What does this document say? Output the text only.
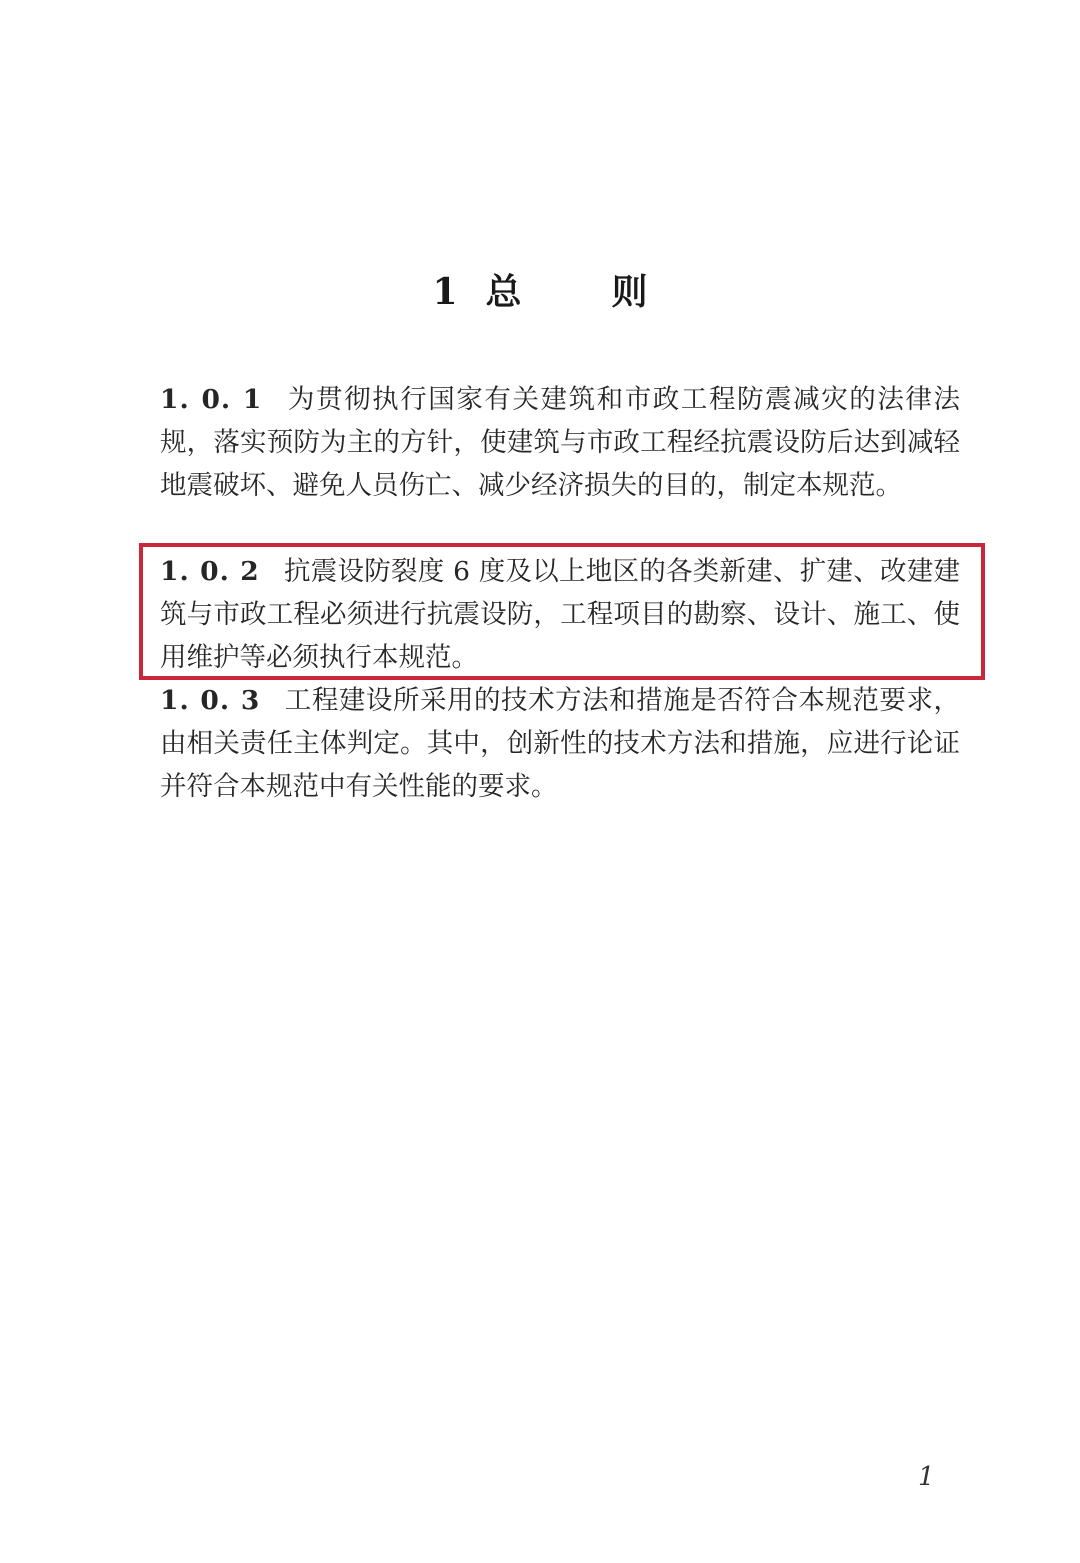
1 总	则
1. 0. 1 为贯彻执行国家有关建筑和市政工程防震减灾的法律法规，落实预防为主的方针，使建筑与市政工程经抗震设防后达到减轻地震破坏、避免人员伤亡、减少经济损失的目的，制定本规范。
1. 0. 2 抗震设防裂度 6 度及以上地区的各类新建、扩建、改建建筑与市政工程必须进行抗震设防，工程项目的勘察、设计、施工、使用维护等必须执行本规范。
1. 0. 3 工程建设所采用的技术方法和措施是否符合本规范要求，由相关责任主体判定。其中，创新性的技术方法和措施，应进行论证并符合本规范中有关性能的要求。
1
